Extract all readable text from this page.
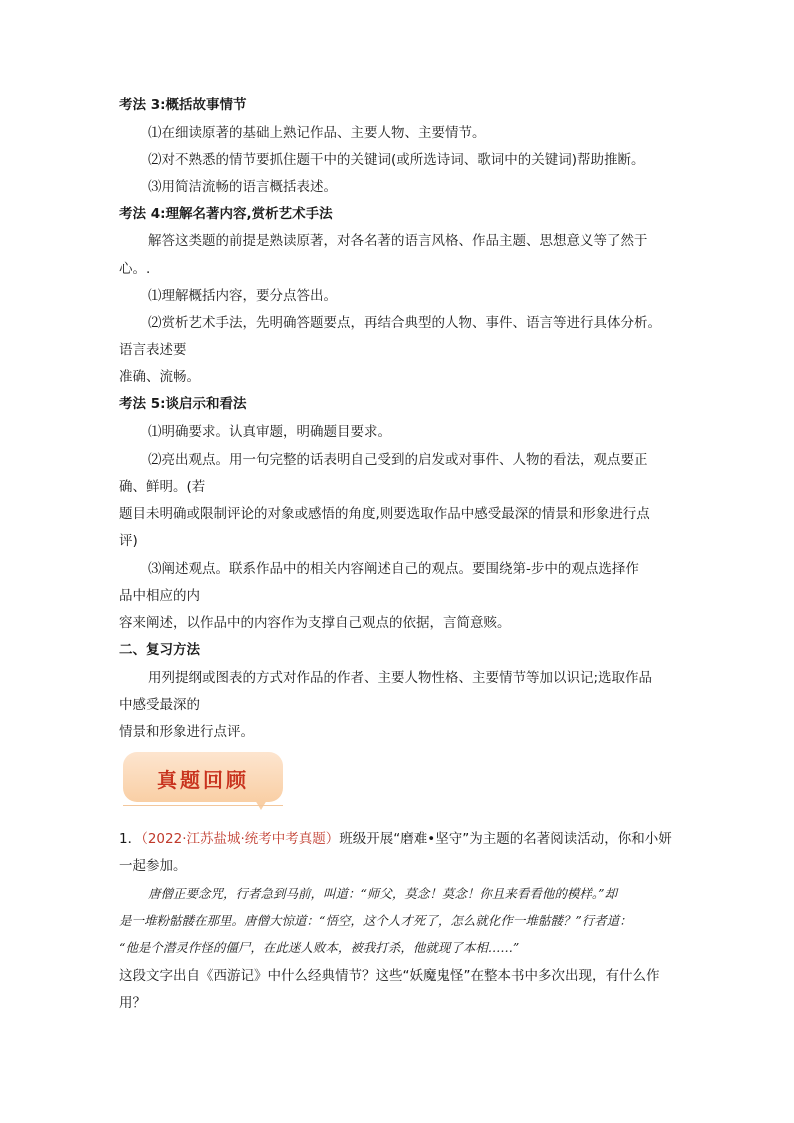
考法 3:概括故事情节
⑴在细读原著的基础上熟记作品、主要人物、主要情节。
⑵对不熟悉的情节要抓住题干中的关键词(或所选诗词、歌词中的关键词)帮助推断。
⑶用简洁流畅的语言概括表述。
考法 4:理解名著内容,赏析艺术手法
解答这类题的前提是熟读原著，对各名著的语言风格、作品主题、思想意义等了然于
心。.
⑴理解概括内容，要分点答出。
⑵赏析艺术手法，先明确答题要点，再结合典型的人物、事件、语言等进行具体分析。
语言表述要
准确、流畅。
考法 5:谈启示和看法
⑴明确要求。认真审题，明确题目要求。
⑵亮出观点。用一句完整的话表明自己受到的启发或对事件、人物的看法，观点要正
确、鲜明。(若
题目未明确或限制评论的对象或感悟的角度,则要选取作品中感受最深的情景和形象进行点
评)
⑶阐述观点。联系作品中的相关内容阐述自己的观点。要围绕第-步中的观点选择作
品中相应的内
容来阐述，以作品中的内容作为支撑自己观点的依据，言简意赅。
二、复习方法
用列提纲或图表的方式对作品的作者、主要人物性格、主要情节等加以识记;选取作品
中感受最深的
情景和形象进行点评。
真题回顾
1．（2022·江苏盐城·统考中考真题）班级开展“磨难•坚守”为主题的名著阅读活动，你和小妍
一起参加。
唐僧正要念咒，行者急到马前，叫道：“师父，莫念！莫念！你且来看看他的模样。”却
是一堆粉骷髅在那里。唐僧大惊道：“悟空，这个人才死了，怎么就化作一堆骷髅？”行者道：
“他是个潜灵作怪的僵尸，在此迷人败本，被我打杀，他就现了本相……”
这段文字出自《西游记》中什么经典情节？这些“妖魔鬼怪”在整本书中多次出现，有什么作
用？
